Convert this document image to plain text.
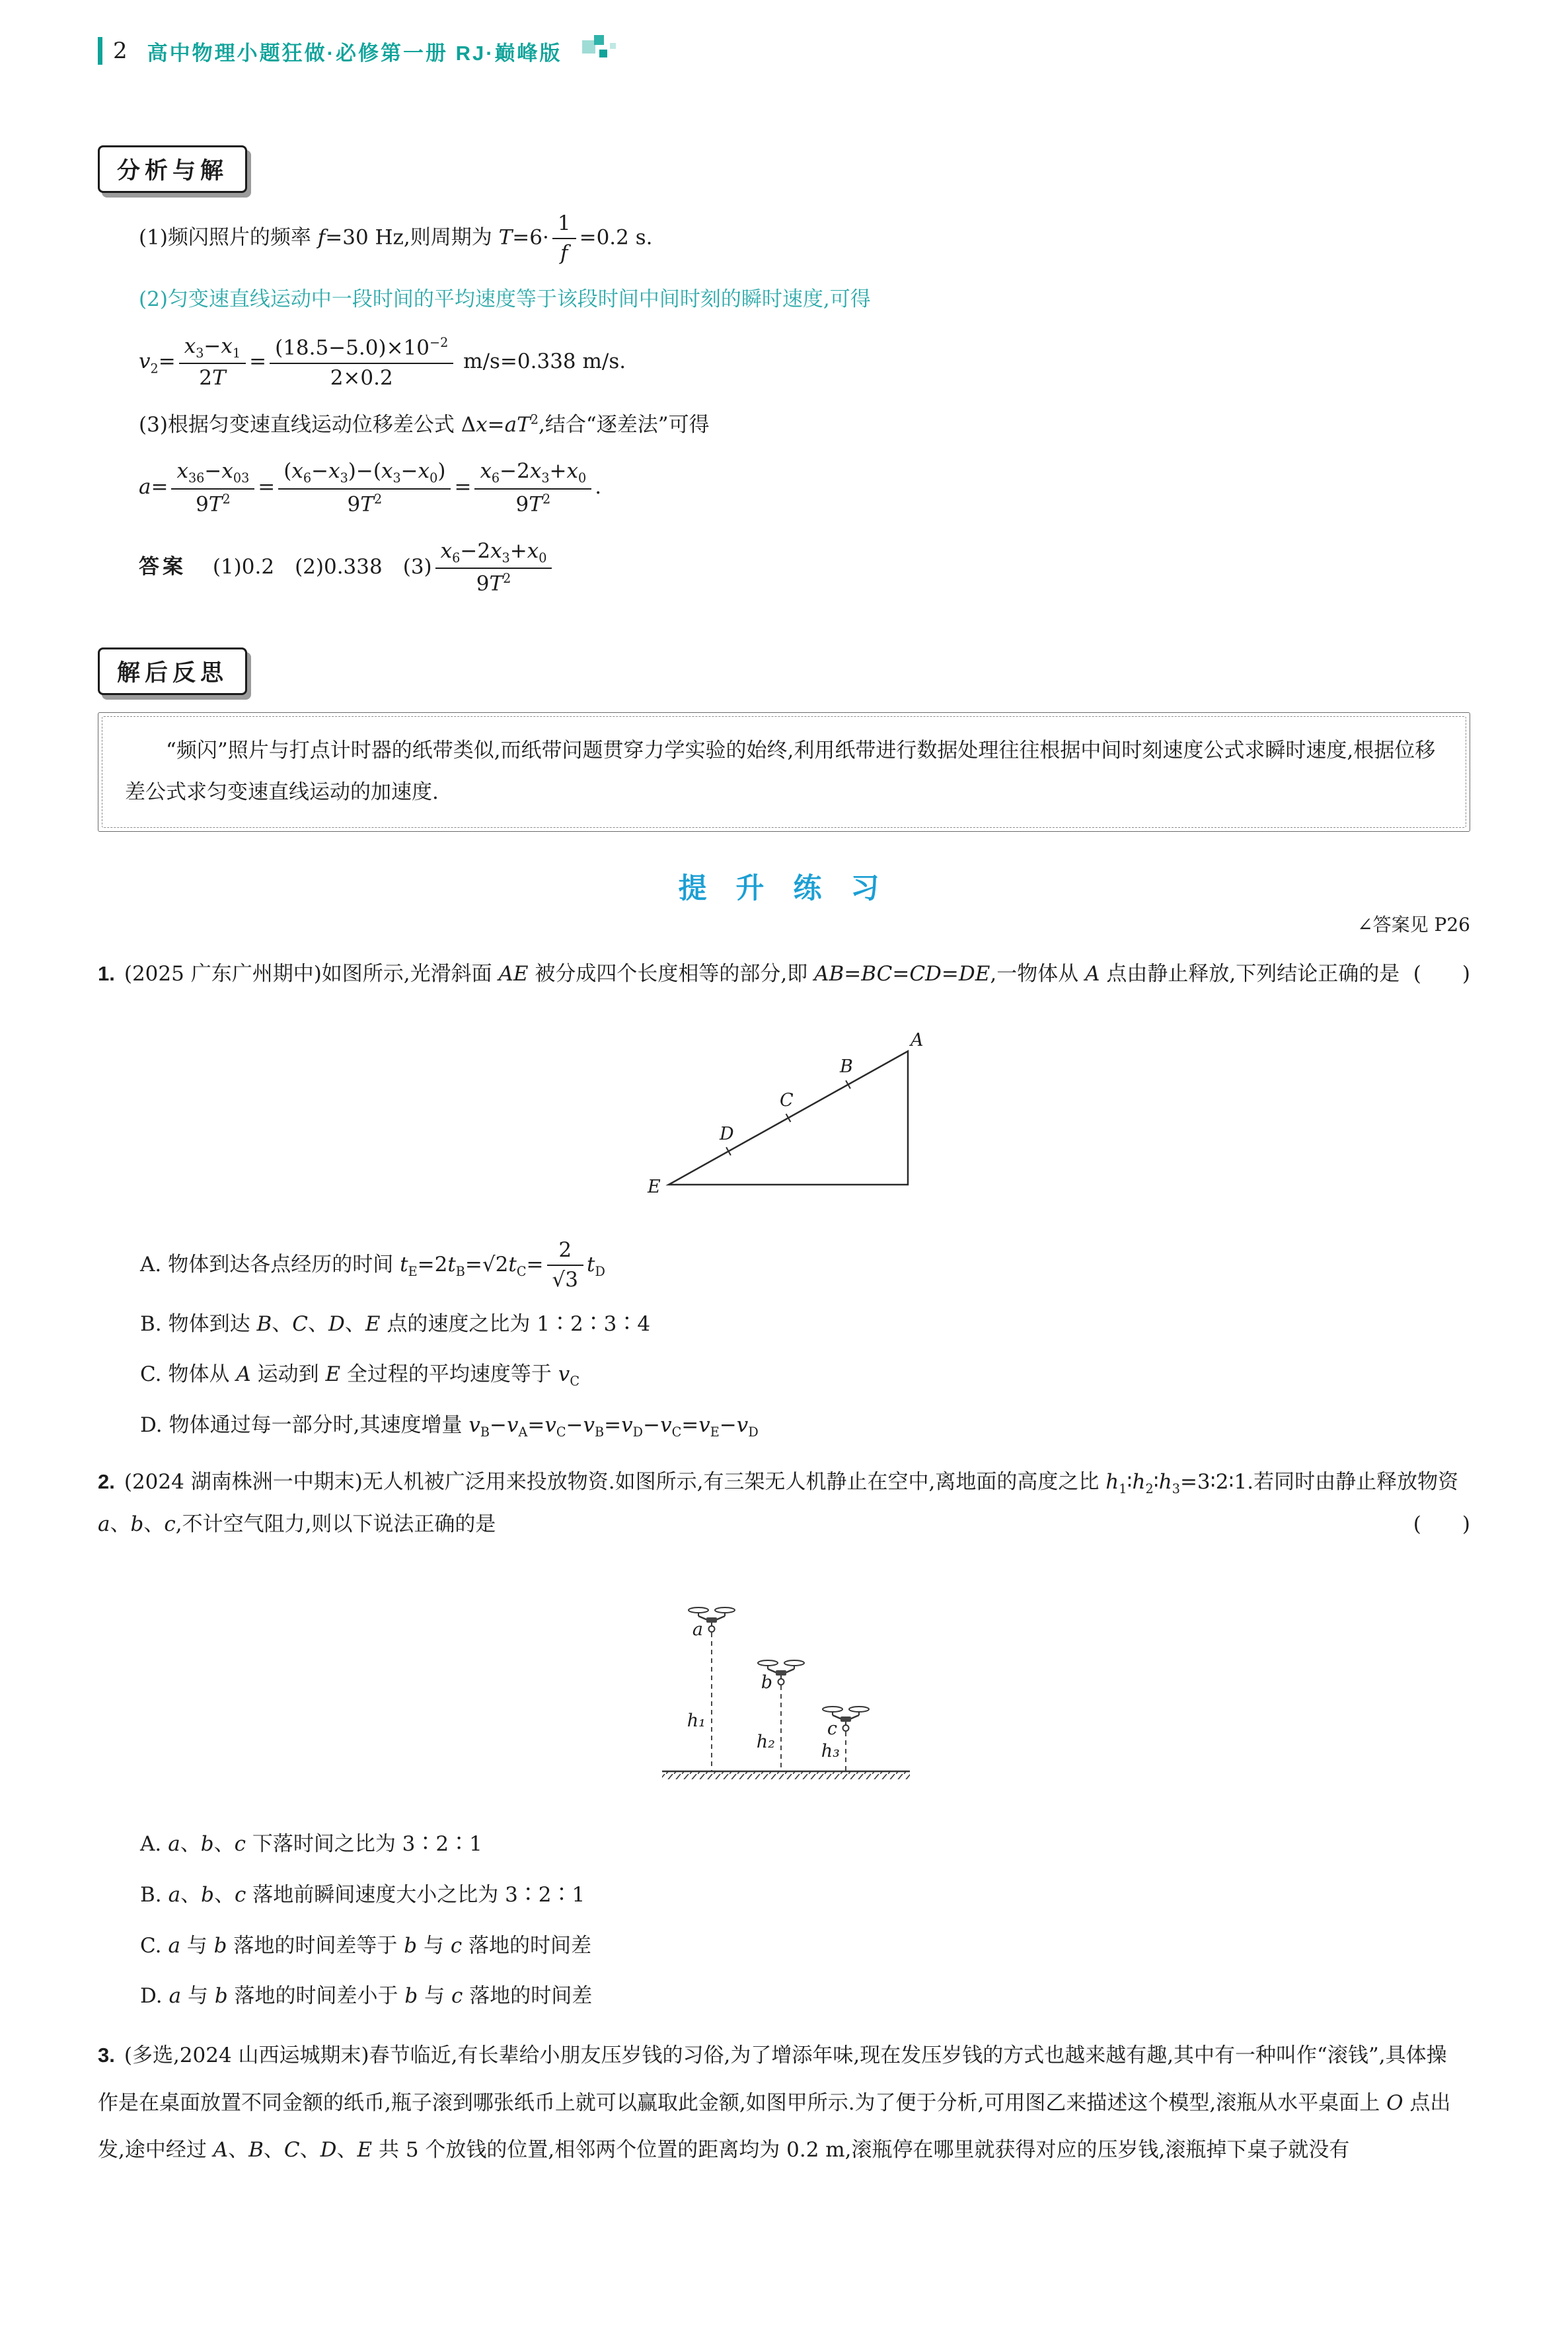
2 高中物理小题狂做·必修第一册 RJ·巅峰版
分析与解

(1)频闪照片的频率 f=30 Hz,则周期为 $T=6\cdot \frac{1}{f} =0.2$ s.

(2)匀变速直线运动中一段时间的平均速度等于该段时间中间时刻的瞬时速度,可得

$v_2= \frac{x_3-x_1}{2T} = \frac{(18.5-5.0)\times 10^{-2}}{2\times 0.2} m/s=0.338$ m/s.

(3)根据匀变速直线运动位移差公式 $\Delta x=aT^2$,结合“逐差法”可得

$a= \frac{x_{36}-x_{03}}{9T^2} = \frac{(x_6-x_3)-(x_3-x_0)}{9T^2} = \frac{x_6-2x_3+x_0}{9T^2}$ .

答案 (1)0.2　(2)0.338　$(3) \frac{x_6-2x_3+x_0}{9T^2}$

解后反思

“频闪”照片与打点计时器的纸带类似,而纸带问题贯穿力学实验的始终,利用纸带进行数据处理往往根据中间时刻速度公式求瞬时速度,根据位移差公式求匀变速直线运动的加速度.

提 升 练 习
∠答案见 P26

1. (2025 广东广州期中)如图所示,光滑斜面 AE 被分成四个长度相等的部分,即 AB=BC=CD=DE,一物体从 A 点由静止释放,下列结论正确的是 (　　)

A
B
C
D
E

A. 物体到达各点经历的时间 $t_E=2t_B=√2t_C= \frac{2}{√3} t_D$

B. 物体到达 B、C、D、E 点的速度之比为 1∶2∶3∶4

C. 物体从 A 运动到 E 全过程的平均速度等于 $v_C$

D. 物体通过每一部分时,其速度增量 $v_B-v_A=v_C-v_B=v_D-v_C=v_E-v_D$

2. (2024 湖南株洲一中期末)无人机被广泛用来投放物资.如图所示,有三架无人机静止在空中,离地面的高度之比 $h_1∶h_2∶h_3=3∶2∶1$.若同时由静止释放物资 a、b、c,不计空气阻力,则以下说法正确的是	(　　)

a
b
c
h₁
h₂	h₃

A. a、b、c 下落时间之比为 3∶2∶1

B. a、b、c 落地前瞬间速度大小之比为 3∶2∶1

C. a 与 b 落地的时间差等于 b 与 c 落地的时间差

D. a 与 b 落地的时间差小于 b 与 c 落地的时间差

3. (多选,2024 山西运城期末)春节临近,有长辈给小朋友压岁钱的习俗,为了增添年味,现在发压岁钱的方式也越来越有趣,其中有一种叫作“滚钱”,具体操作是在桌面放置不同金额的纸币,瓶子滚到哪张纸币上就可以赢取此金额,如图甲所示.为了便于分析,可用图乙来描述这个模型,滚瓶从水平桌面上 O 点出发,途中经过 A、B、C、D、E 共 5 个放钱的位置,相邻两个位置的距离均为 0.2 m,滚瓶停在哪里就获得对应的压岁钱,滚瓶掉下桌子就没有
